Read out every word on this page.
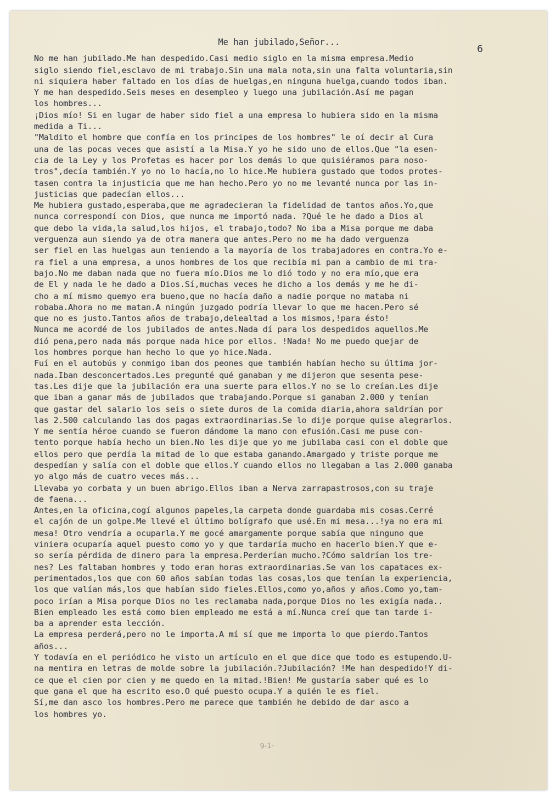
6
Me han jubilado,Señor...
No me han jubilado.Me han despedido.Casi medio siglo en la misma empresa.Medio
siglo siendo fiel,esclavo de mi trabajo.Sin una mala nota,sin una falta voluntaria,sin
ni siquiera haber faltado en los días de huelgas,en ninguna huelga,cuando todos iban.
Y me han despedido.Seis meses en desempleo y luego una jubilación.Así me pagan
los hombres...
¡Dios mío! Si en lugar de haber sido fiel a una empresa lo hubiera sido en la misma
medida a Ti...
"Maldito el hombre que confía en los principes de los hombres" le oí decir al Cura
una de las pocas veces que asistí a la Misa.Y yo he sido uno de ellos.Que "la esen-
cia de la Ley y los Profetas es hacer por los demás lo que quisiéramos para noso-
tros",decía también.Y yo no lo hacía,no lo hice.Me hubiera gustado que todos protes-
tasen contra la injusticia que me han hecho.Pero yo no me levanté nunca por las in-
justicias que padecían ellos...
Me hubiera gustado,esperaba,que me agradecieran la fidelidad de tantos años.Yo,que
nunca correspondí con Dios, que nunca me importó nada. ?Qué le he dado a Dios al
que debo la vida,la salud,los hijos, el trabajo,todo? No iba a Misa porque me daba
verguenza aun siendo ya de otra manera que antes.Pero no me ha dado verguenza
ser fiel en las huelgas aun teniendo a la mayoría de los trabajadores en contra.Yo e-
ra fiel a una empresa, a unos hombres de los que recibía mi pan a cambio de mi tra-
bajo.No me daban nada que no fuera mío.Dios me lo dió todo y no era mío,que era
de El y nada le he dado a Dios.Sí,muchas veces he dicho a los demás y me he di-
cho a mí mismo quemyo era bueno,que no hacía daño a nadie porque no mataba ni
robaba.Ahora no me matan.A ningún juzgado podría llevar lo que me hacen.Pero sé
que no es justo.Tantos años de trabajo,delealtad a los mismos,!para ésto!
Nunca me acordé de los jubilados de antes.Nada dí para los despedidos aquellos.Me
dió pena,pero nada más porque nada hice por ellos. !Nada! No me puedo quejar de
los hombres porque han hecho lo que yo hice.Nada.
Fuí en el autobús y conmigo iban dos peones que también habían hecho su última jor-
nada.Iban desconcertados.Les pregunté qué ganaban y me dijeron que sesenta pese-
tas.Les dije que la jubilación era una suerte para ellos.Y no se lo creían.Les dije
que iban a ganar más de jubilados que trabajando.Porque si ganaban 2.000 y tenían
que gastar del salario los seis o siete duros de la comida diaria,ahora saldrían por
las 2.500 calculando las dos pagas extraordinarias.Se lo dije porque quise alegrarlos.
Y me sentía héroe cuando se fueron dándome la mano con efusión.Casi me puse con-
tento porque había hecho un bien.No les dije que yo me jubilaba casi con el doble que
ellos pero que perdía la mitad de lo que estaba ganando.Amargado y triste porque me
despedían y salía con el doble que ellos.Y cuando ellos no llegaban a las 2.000 ganaba
yo algo más de cuatro veces más...
Llevaba yo corbata y un buen abrigo.Ellos iban a Nerva zarrapastrosos,con su traje
de faena...
Antes,en la oficina,cogí algunos papeles,la carpeta donde guardaba mis cosas.Cerré
el cajón de un golpe.Me llevé el último bolígrafo que usé.En mi mesa...!ya no era mi
mesa! Otro vendría a ocuparla.Y me gocé amargamente porque sabía que ninguno que
viniera ocuparía aquel puesto como yo y que tardaría mucho en hacerlo bien.Y que e-
so sería pérdida de dinero para la empresa.Perderían mucho.?Cómo saldrían los tre-
nes? Les faltaban hombres y todo eran horas extraordinarias.Se van los capataces ex-
perimentados,los que con 60 años sabían todas las cosas,los que tenían la experiencia,
los que valían más,los que habían sido fieles.Ellos,como yo,años y años.Como yo,tam-
poco irían a Misa porque Dios no les reclamaba nada,porque Dios no les exigía nada..
Bien empleado les está como bien empleado me está a mí.Nunca creí que tan tarde i-
ba a aprender esta lección.
La empresa perderá,pero no le importa.A mí sí que me importa lo que pierdo.Tantos
años...
Y todavía en el periódico he visto un artículo en el que dice que todo es estupendo.U-
na mentira en letras de molde sobre la jubilación.?Jubilación? !Me han despedido!Y di-
ce que el cien por cien y me quedo en la mitad.!Bien! Me gustaría saber qué es lo
que gana el que ha escrito eso.O qué puesto ocupa.Y a quién le es fiel.
Sí,me dan asco los hombres.Pero me parece que también he debido de dar asco a
los hombres yo.
9-1-
